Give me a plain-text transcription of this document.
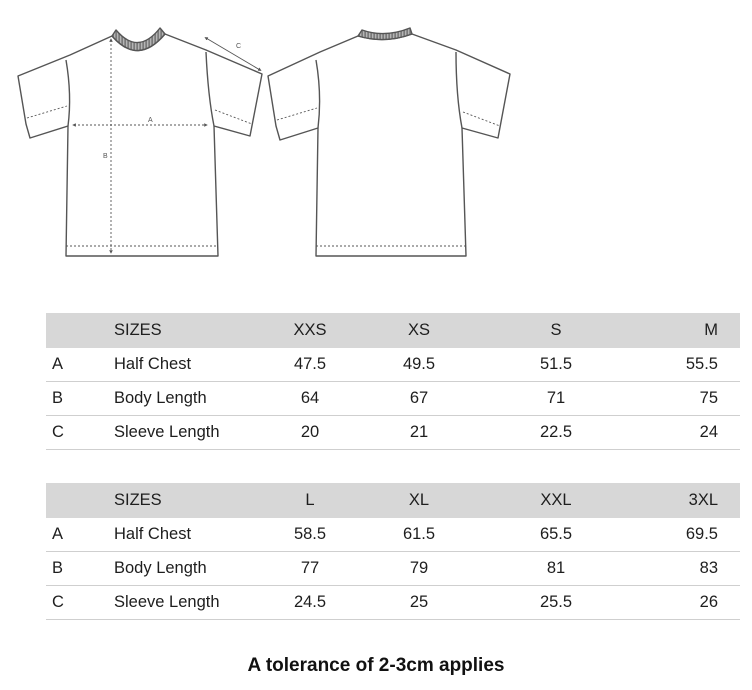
A
B
C
	SIZES	XXS	XS	S	M
A	Half Chest	47.5	49.5	51.5	55.5
B	Body Length	64	67	71	75
C	Sleeve Length	20	21	22.5	24
	SIZES	L	XL	XXL	3XL
A	Half Chest	58.5	61.5	65.5	69.5
B	Body Length	77	79	81	83
C	Sleeve Length	24.5	25	25.5	26
A tolerance of 2-3cm applies
